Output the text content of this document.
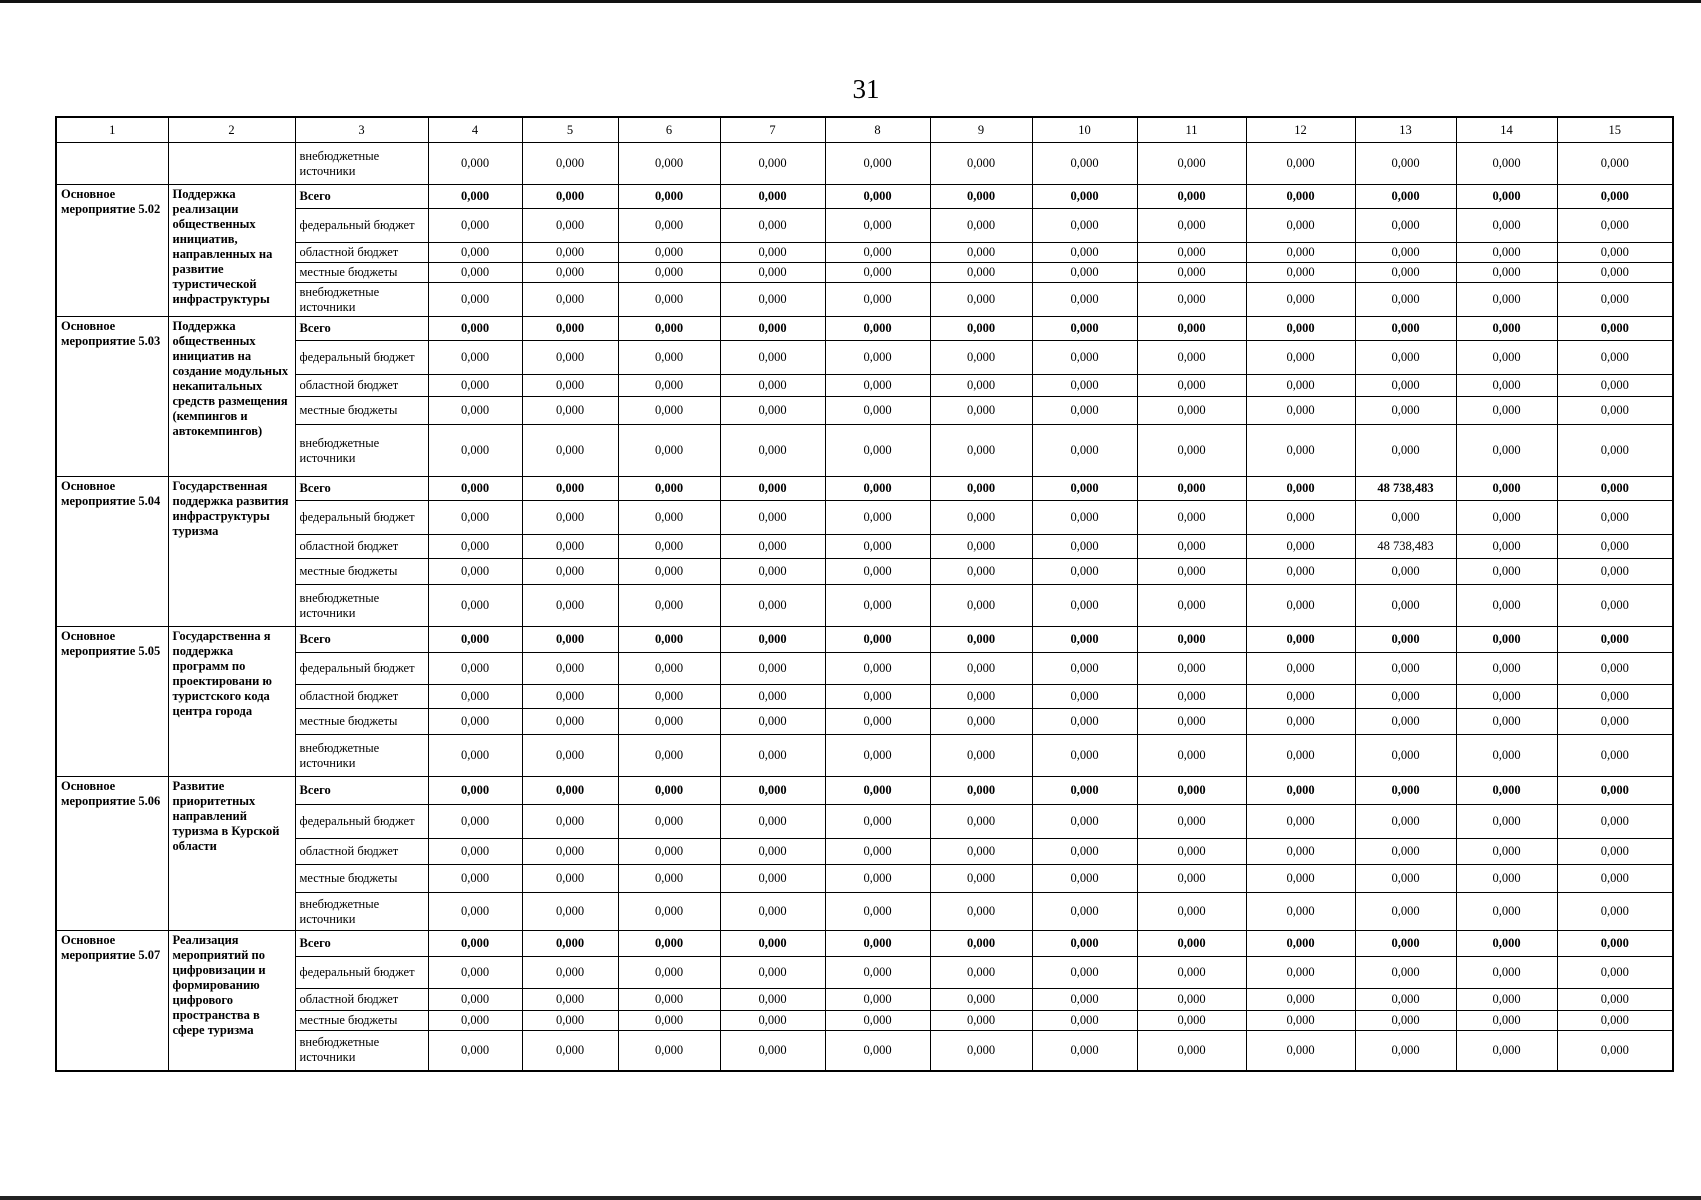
31
1	2	3	4	5	6	7	8	9	10	11	12	13	14	15
		внебюджетные источники	0,000	0,000	0,000	0,000	0,000	0,000	0,000	0,000	0,000	0,000	0,000	0,000
Основное мероприятие 5.02	Поддержка реализации общественных инициатив, направленных на развитие туристической инфраструктуры	Всего	0,000	0,000	0,000	0,000	0,000	0,000	0,000	0,000	0,000	0,000	0,000	0,000
		федеральный бюджет	0,000	0,000	0,000	0,000	0,000	0,000	0,000	0,000	0,000	0,000	0,000	0,000
		областной бюджет	0,000	0,000	0,000	0,000	0,000	0,000	0,000	0,000	0,000	0,000	0,000	0,000
		местные бюджеты	0,000	0,000	0,000	0,000	0,000	0,000	0,000	0,000	0,000	0,000	0,000	0,000
		внебюджетные источники	0,000	0,000	0,000	0,000	0,000	0,000	0,000	0,000	0,000	0,000	0,000	0,000
Основное мероприятие 5.03	Поддержка общественных инициатив на создание модульных некапитальных средств размещения (кемпингов и автокемпингов)	Всего	0,000	0,000	0,000	0,000	0,000	0,000	0,000	0,000	0,000	0,000	0,000	0,000
		федеральный бюджет	0,000	0,000	0,000	0,000	0,000	0,000	0,000	0,000	0,000	0,000	0,000	0,000
		областной бюджет	0,000	0,000	0,000	0,000	0,000	0,000	0,000	0,000	0,000	0,000	0,000	0,000
		местные бюджеты	0,000	0,000	0,000	0,000	0,000	0,000	0,000	0,000	0,000	0,000	0,000	0,000
		внебюджетные источники	0,000	0,000	0,000	0,000	0,000	0,000	0,000	0,000	0,000	0,000	0,000	0,000
Основное мероприятие 5.04	Государственная поддержка развития инфраструктуры туризма	Всего	0,000	0,000	0,000	0,000	0,000	0,000	0,000	0,000	0,000	48 738,483	0,000	0,000
		федеральный бюджет	0,000	0,000	0,000	0,000	0,000	0,000	0,000	0,000	0,000	0,000	0,000	0,000
		областной бюджет	0,000	0,000	0,000	0,000	0,000	0,000	0,000	0,000	0,000	48 738,483	0,000	0,000
		местные бюджеты	0,000	0,000	0,000	0,000	0,000	0,000	0,000	0,000	0,000	0,000	0,000	0,000
		внебюджетные источники	0,000	0,000	0,000	0,000	0,000	0,000	0,000	0,000	0,000	0,000	0,000	0,000
Основное мероприятие 5.05	Государственна я поддержка программ по проектировани ю туристского кода центра города	Всего	0,000	0,000	0,000	0,000	0,000	0,000	0,000	0,000	0,000	0,000	0,000	0,000
		федеральный бюджет	0,000	0,000	0,000	0,000	0,000	0,000	0,000	0,000	0,000	0,000	0,000	0,000
		областной бюджет	0,000	0,000	0,000	0,000	0,000	0,000	0,000	0,000	0,000	0,000	0,000	0,000
		местные бюджеты	0,000	0,000	0,000	0,000	0,000	0,000	0,000	0,000	0,000	0,000	0,000	0,000
		внебюджетные источники	0,000	0,000	0,000	0,000	0,000	0,000	0,000	0,000	0,000	0,000	0,000	0,000
Основное мероприятие 5.06	Развитие приоритетных направлений туризма в Курской области	Всего	0,000	0,000	0,000	0,000	0,000	0,000	0,000	0,000	0,000	0,000	0,000	0,000
		федеральный бюджет	0,000	0,000	0,000	0,000	0,000	0,000	0,000	0,000	0,000	0,000	0,000	0,000
		областной бюджет	0,000	0,000	0,000	0,000	0,000	0,000	0,000	0,000	0,000	0,000	0,000	0,000
		местные бюджеты	0,000	0,000	0,000	0,000	0,000	0,000	0,000	0,000	0,000	0,000	0,000	0,000
		внебюджетные источники	0,000	0,000	0,000	0,000	0,000	0,000	0,000	0,000	0,000	0,000	0,000	0,000
Основное мероприятие 5.07	Реализация мероприятий по цифровизации и формированию цифрового пространства в сфере туризма	Всего	0,000	0,000	0,000	0,000	0,000	0,000	0,000	0,000	0,000	0,000	0,000	0,000
		федеральный бюджет	0,000	0,000	0,000	0,000	0,000	0,000	0,000	0,000	0,000	0,000	0,000	0,000
		областной бюджет	0,000	0,000	0,000	0,000	0,000	0,000	0,000	0,000	0,000	0,000	0,000	0,000
		местные бюджеты	0,000	0,000	0,000	0,000	0,000	0,000	0,000	0,000	0,000	0,000	0,000	0,000
		внебюджетные источники	0,000	0,000	0,000	0,000	0,000	0,000	0,000	0,000	0,000	0,000	0,000	0,000
